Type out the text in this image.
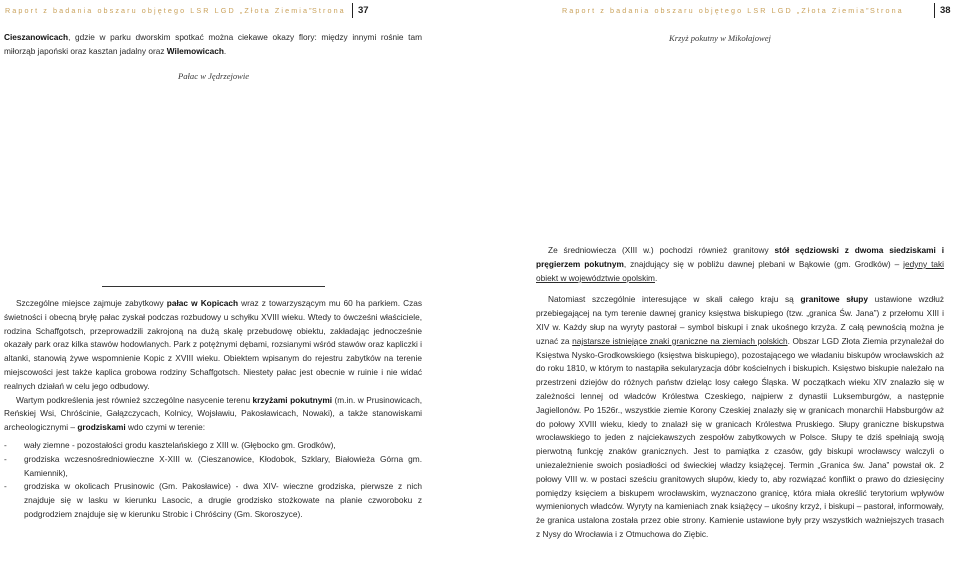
Raport z badania obszaru objętego LSR LGD „Złota Ziemia”
Strona	37
Cieszanowicach, gdzie w parku dworskim spotkać można ciekawe okazy flory: między innymi rośnie tam miłorząb japoński oraz kasztan jadalny oraz Wilemowicach.
Pałac w Jędrzejowie

Szczególne miejsce zajmuje zabytkowy pałac w Kopicach wraz z towarzyszącym mu 60 ha parkiem. Czas świetności i obecną bryłę pałac zyskał podczas rozbudowy u schyłku XVIII wieku. Wtedy to ówcześni właściciele, rodzina Schaffgotsch, przeprowadzili zakrojoną na dużą skalę przebudowę obiektu, zakładając jednocześnie okazały park oraz kilka stawów hodowlanych. Park z potężnymi dębami, rozsianymi wśród stawów oraz kapliczki i altanki, stanowią żywe wspomnienie Kopic z XVIII wieku. Obiektem wpisanym do rejestru zabytków na terenie miejscowości jest także kaplica grobowa rodziny Schaffgotsch. Niestety pałac jest obecnie w ruinie i nie widać realnych działań w celu jego odbudowy.

Wartym podkreślenia jest również szczególne nasycenie terenu krzyżami pokutnymi (m.in. w Prusinowicach, Reńskiej Wsi, Chróścinie, Gałązczycach, Kolnicy, Wojsławiu, Pakosławicach, Nowaki), a także stanowiskami archeologicznymi – grodziskami wdo czymi w terenie:

- wały ziemne - pozostałości grodu kasztelańskiego z XIII w. (Głębocko gm. Grodków),
- grodziska wczesnośredniowieczne X-XIII w. (Cieszanowice, Kłodobok, Szklary, Białowieża Górna gm. Kamiennik),
- grodziska w okolicach Prusinowic (Gm. Pakosławice) - dwa XIV- wieczne grodziska, pierwsze z nich znajduje się w lasku w kierunku Lasocic, a drugie grodzisko stożkowate na planie czworoboku z podgrodziem znajduje się w kierunku Strobic i Chróściny (Gm. Skoroszyce).
Raport z badania obszaru objętego LSR LGD „Złota Ziemia” Strona	38
Krzyż pokutny w Mikołajowej

Ze średniowiecza (XIII w.) pochodzi również granitowy stół sędziowski z dwoma siedziskami i pręgierzem pokutnym, znajdujący się w pobliżu dawnej plebani w Bąkowie (gm. Grodków) – jedyny taki obiekt w województwie opolskim.

Natomiast szczególnie interesujące w skali całego kraju są granitowe słupy ustawione wzdłuż przebiegającej na tym terenie dawnej granicy księstwa biskupiego (tzw. „granica Św. Jana”) z przełomu XIII i XIV w. Każdy słup na wyryty pastorał – symbol biskupi i znak ukośnego krzyża. Z całą pewnością można je uznać za najstarsze istniejące znaki graniczne na ziemiach polskich. Obszar LGD Złota Ziemia przynależał do Księstwa Nysko-Grodkowskiego (księstwa biskupiego), pozostającego we władaniu biskupów wrocławskich aż do roku 1810, w którym to nastąpiła sekularyzacja dóbr kościelnych i biskupich. Księstwo biskupie należało na przestrzeni dziejów do różnych państw dzieląc losy całego Śląska. W początkach wieku XIV znalazło się w zależności lennej od władców Królestwa Czeskiego, najpierw z dynastii Luksemburgów, a następnie Jagiellonów. Po 1526r., wszystkie ziemie Korony Czeskiej znalazły się w granicach monarchii Habsburgów aż do połowy XVIII wieku, kiedy to znalazł się w granicach Królestwa Pruskiego. Słupy graniczne biskupstwa wrocławskiego to jeden z najciekawszych zespołów zabytkowych w Polsce. Słupy te dziś spełniają swoją pierwotną funkcję znaków granicznych. Jest to pamiątka z czasów, gdy biskupi wrocławscy walczyli o uniezależnienie swoich posiadłości od świeckiej władzy książęcej. Termin „Granica św. Jana” powstał ok. 2 połowy VIII w. w postaci sześciu granitowych słupów, kiedy to, aby rozwiązać konflikt o prawo do dziesięciny pomiędzy księciem a biskupem wrocławskim, wyznaczono granicę, która miała określić terytorium wpływów wymienionych władców. Wyryty na kamieniach znak książęcy – ukośny krzyż, i biskupi – pastorał, informowały, że granica ustalona została przez obie strony. Kamienie ustawione były przy wszystkich ważniejszych trasach z Nysy do Wrocławia i z Otmuchowa do Ziębic.
